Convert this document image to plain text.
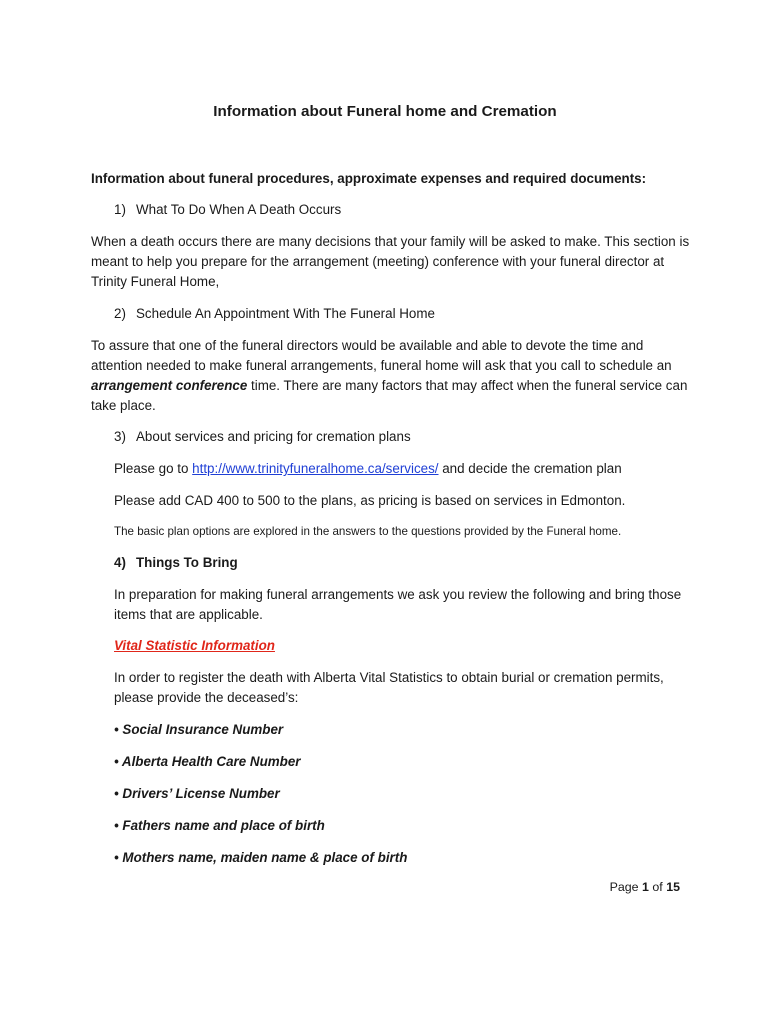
Information about Funeral home and Cremation

Information about funeral procedures, approximate expenses and required documents:

1) What To Do When A Death Occurs

When a death occurs there are many decisions that your family will be asked to make. This section is meant to help you prepare for the arrangement (meeting) conference with your funeral director at Trinity Funeral Home,

2) Schedule An Appointment With The Funeral Home

To assure that one of the funeral directors would be available and able to devote the time and attention needed to make funeral arrangements, funeral home will ask that you call to schedule an arrangement conference time. There are many factors that may affect when the funeral service can take place.

3) About services and pricing for cremation plans

Please go to http://www.trinityfuneralhome.ca/services/ and decide the cremation plan

Please add CAD 400 to 500 to the plans, as pricing is based on services in Edmonton.

The basic plan options are explored in the answers to the questions provided by the Funeral home.

4) Things To Bring

In preparation for making funeral arrangements we ask you review the following and bring those items that are applicable.

Vital Statistic Information

In order to register the death with Alberta Vital Statistics to obtain burial or cremation permits, please provide the deceased’s:

• Social Insurance Number

• Alberta Health Care Number

• Drivers’ License Number

• Fathers name and place of birth

• Mothers name, maiden name & place of birth

Page 1 of 15
